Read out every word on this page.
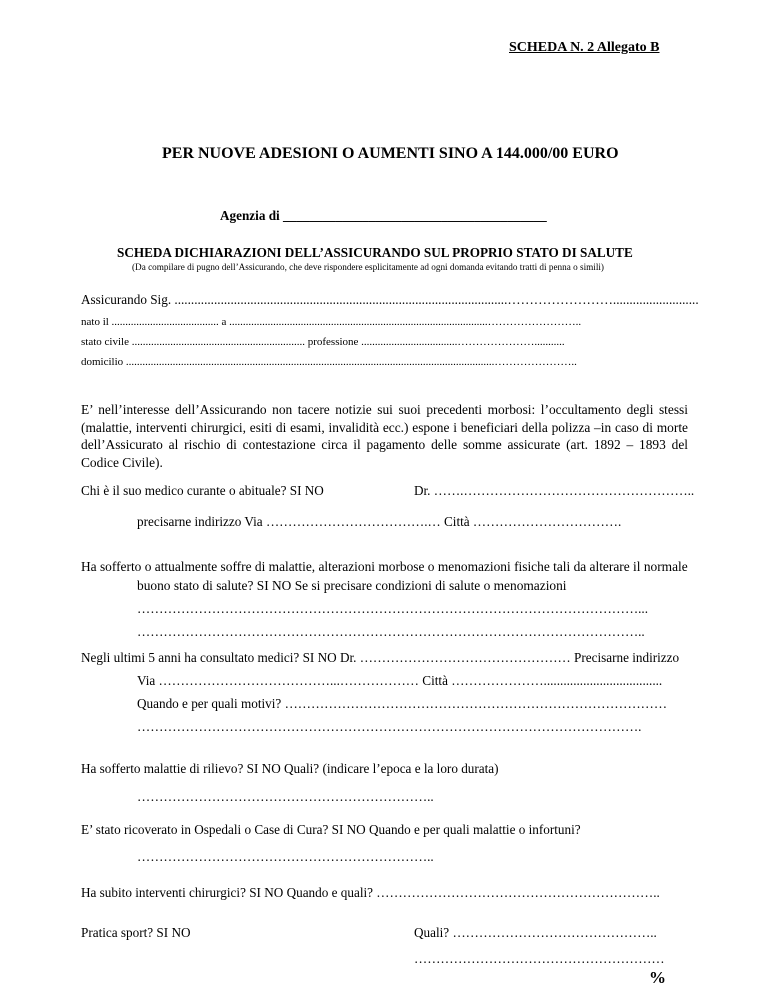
SCHEDA N. 2 Allegato B
PER NUOVE ADESIONI O AUMENTI SINO A 144.000/00 EURO
Agenzia di ________________________________________
SCHEDA DICHIARAZIONI DELL’ASSICURANDO SUL PROPRIO STATO DI SALUTE
(Da compilare di pugno dell’Assicurando, che deve rispondere esplicitamente ad ogni domanda evitando tratti di penna o simili)
Assicurando Sig. .....................................................................................................……………………..........................
nato il ....................................... a ..............................................................................................……………………..
stato civile ............................................................... professione ...................................…………………...........
domicilio ......................................................................................................................................…………………..
E’ nell’interesse dell’Assicurando non tacere notizie sui suoi precedenti morbosi: l’occultamento degli stessi (malattie, interventi chirurgici, esiti di esami, invalidità ecc.) espone i beneficiari della polizza –in caso di morte dell’Assicurato al rischio di contestazione circa il pagamento delle somme assicurate (art. 1892 – 1893 del Codice Civile).
Chi è il suo medico curante o abituale? SI NO	Dr. …….……………………………………………..
precisarne indirizzo Via ……………………………….… Città …………………………….
Ha sofferto o attualmente soffre di malattie, alterazioni morbose o menomazioni fisiche tali da alterare il normale
buono stato di salute? SI NO Se si precisare condizioni di salute o menomazioni
……………………………………………………………………………………………………...
……………………………………………………………………………………………………..
Negli ultimi 5 anni ha consultato medici? SI NO Dr. ………………………………………… Precisarne indirizzo
Via …………………………………...……………… Città …………………....................................
Quando e per quali motivi? ……………………………………………………………………………
…………………………………………………………………………………………………….
Ha sofferto malattie di rilievo? SI NO Quali? (indicare l’epoca e la loro durata)
…………………………………………………………..
E’ stato ricoverato in Ospedali o Case di Cura? SI NO Quando e per quali malattie o infortuni?
…………………………………………………………..
Ha subito interventi chirurgici? SI NO Quando e quali? ………………………………………………………..
Pratica sport? SI NO	Quali? ………………………………………..
…………………………………………………
%
